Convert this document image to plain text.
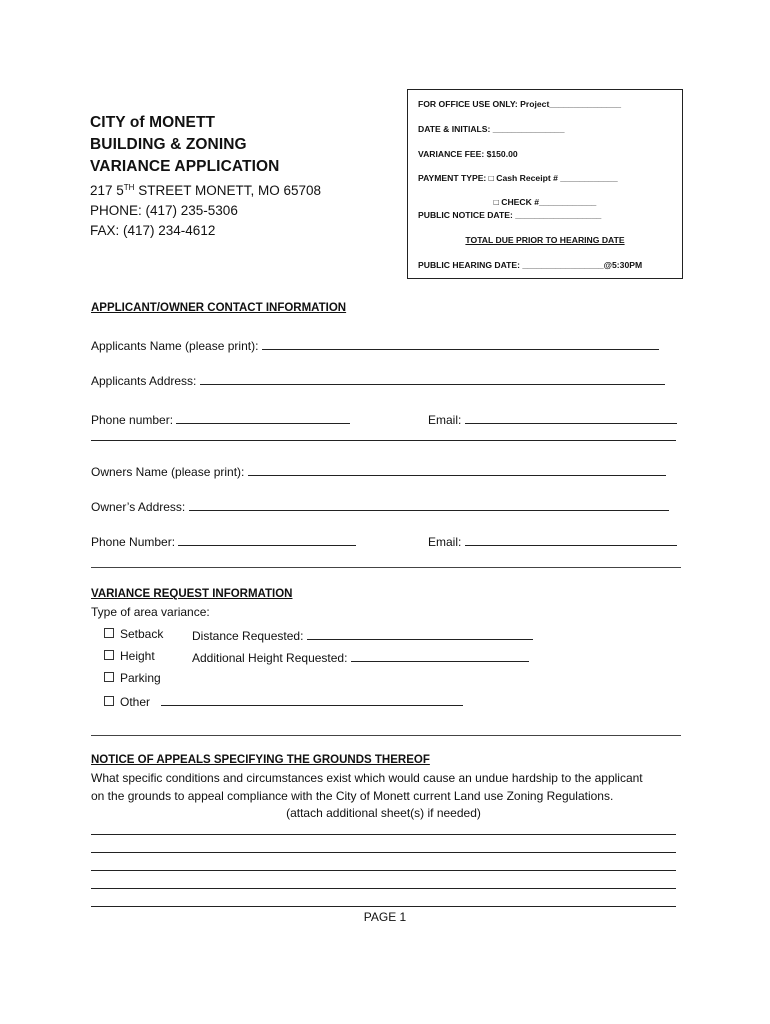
CITY of MONETT

BUILDING & ZONING

VARIANCE APPLICATION

217 5TH STREET MONETT, MO 65708

PHONE: (417) 235-5306

FAX: (417) 234-4612

FOR OFFICE USE ONLY: Project_______________
DATE & INITIALS: _______________
VARIANCE FEE: $150.00
PAYMENT TYPE: □ Cash Receipt # ____________
□ CHECK #____________
PUBLIC NOTICE DATE: __________________
TOTAL DUE PRIOR TO HEARING DATE
PUBLIC HEARING DATE: _________________@5:30PM
APPLICANT/OWNER CONTACT INFORMATION
Applicants Name (please print):
Applicants Address:
Phone number:	Email:
Owners Name (please print):
Owner’s Address:
Phone Number:	Email:
VARIANCE REQUEST INFORMATION
Type of area variance:
Setback Distance Requested:
Height	Additional Height Requested:
Parking
Other
NOTICE OF APPEALS SPECIFYING THE GROUNDS THEREOF
What specific conditions and circumstances exist which would cause an undue hardship to the applicant
on the grounds to appeal compliance with the City of Monett current Land use Zoning Regulations.
(attach additional sheet(s) if needed)
PAGE 1
